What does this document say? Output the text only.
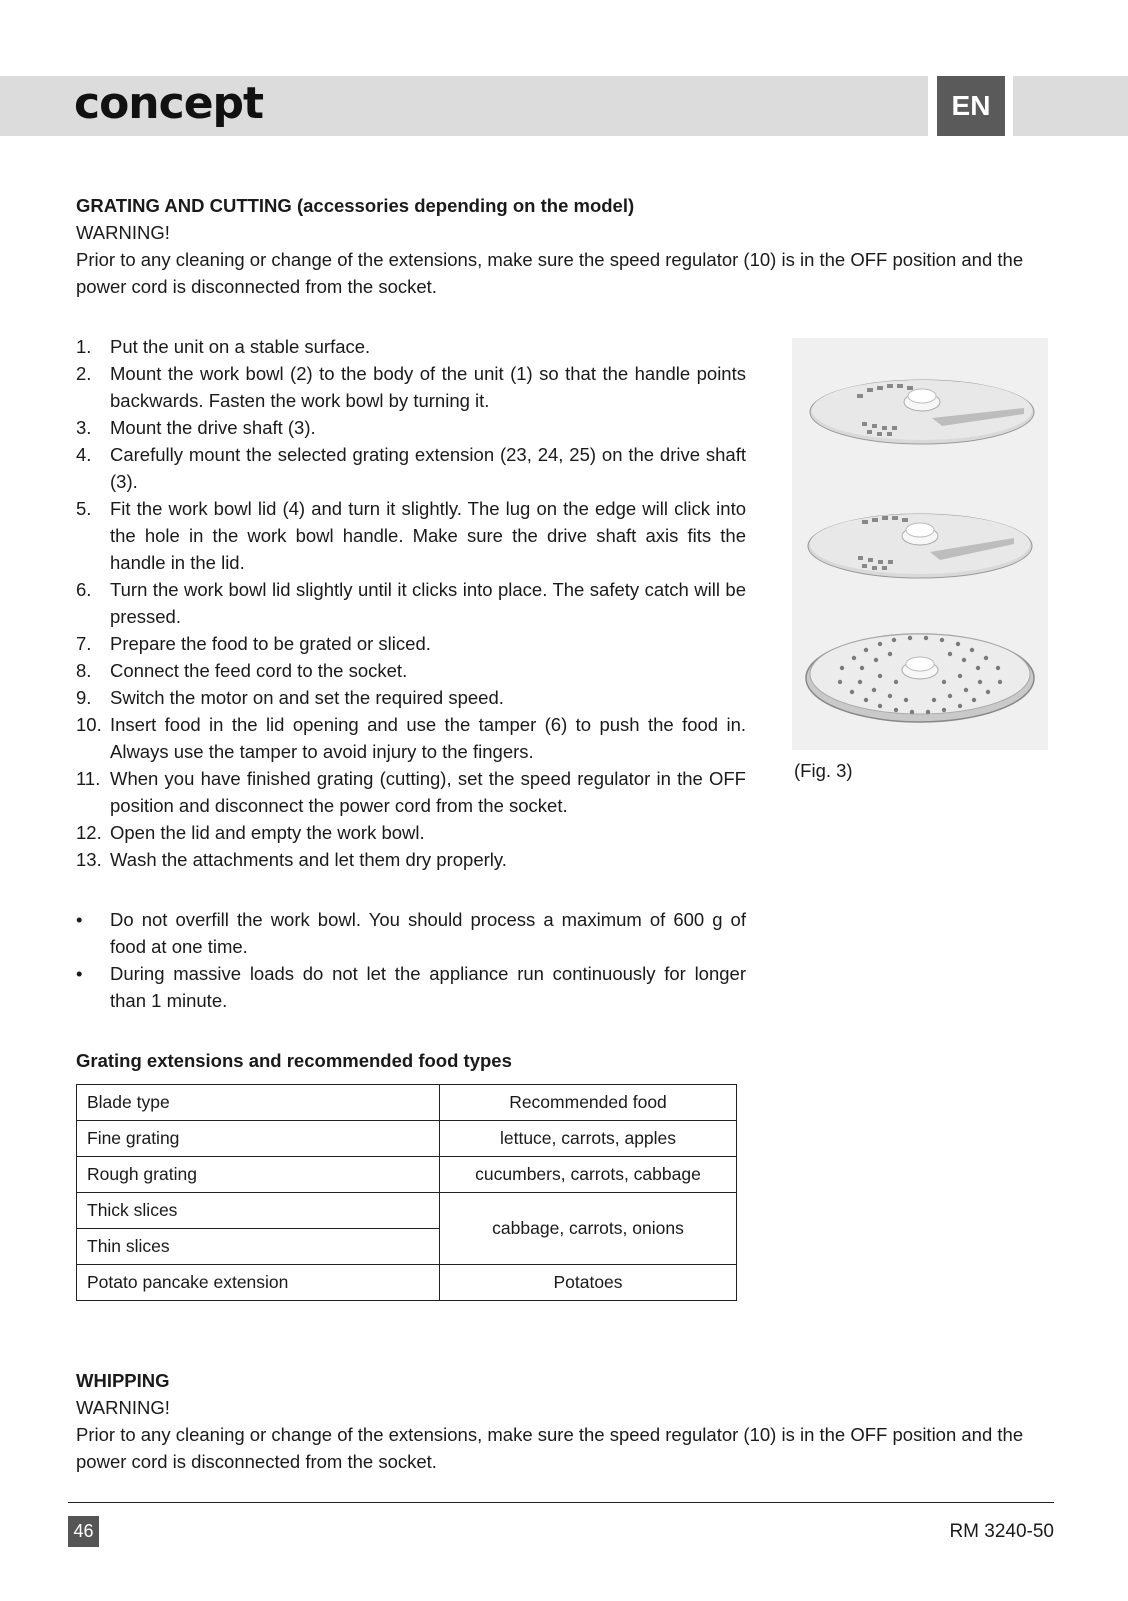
concept	EN
GRATING AND CUTTING (accessories depending on the model)
WARNING!
Prior to any cleaning or change of the extensions, make sure the speed regulator (10) is in the OFF position and the power cord is disconnected from the socket.
1. Put the unit on a stable surface.
2. Mount the work bowl (2) to the body of the unit (1) so that the handle points backwards. Fasten the work bowl by turning it.
3. Mount the drive shaft (3).
4. Carefully mount the selected grating extension (23, 24, 25) on the drive shaft (3).
5. Fit the work bowl lid (4) and turn it slightly. The lug on the edge will click into the hole in the work bowl handle. Make sure the drive shaft axis fits the handle in the lid.
6. Turn the work bowl lid slightly until it clicks into place. The safety catch will be pressed.
7. Prepare the food to be grated or sliced.
8. Connect the feed cord to the socket.
9. Switch the motor on and set the required speed.
10. Insert food in the lid opening and use the tamper (6) to push the food in. Always use the tamper to avoid injury to the fingers.
11. When you have finished grating (cutting), set the speed regulator in the OFF position and disconnect the power cord from the socket.
12. Open the lid and empty the work bowl.
13. Wash the attachments and let them dry properly.
(Fig. 3)
• Do not overfill the work bowl. You should process a maximum of 600 g of food at one time.
• During massive loads do not let the appliance run continuously for longer than 1 minute.
Grating extensions and recommended food types
Blade type	Recommended food
Fine grating	lettuce, carrots, apples
Rough grating	cucumbers, carrots, cabbage
Thick slices	cabbage, carrots, onions
Thin slices	
Potato pancake extension	Potatoes
WHIPPING
WARNING!
Prior to any cleaning or change of the extensions, make sure the speed regulator (10) is in the OFF position and the power cord is disconnected from the socket.
46	RM 3240-50
